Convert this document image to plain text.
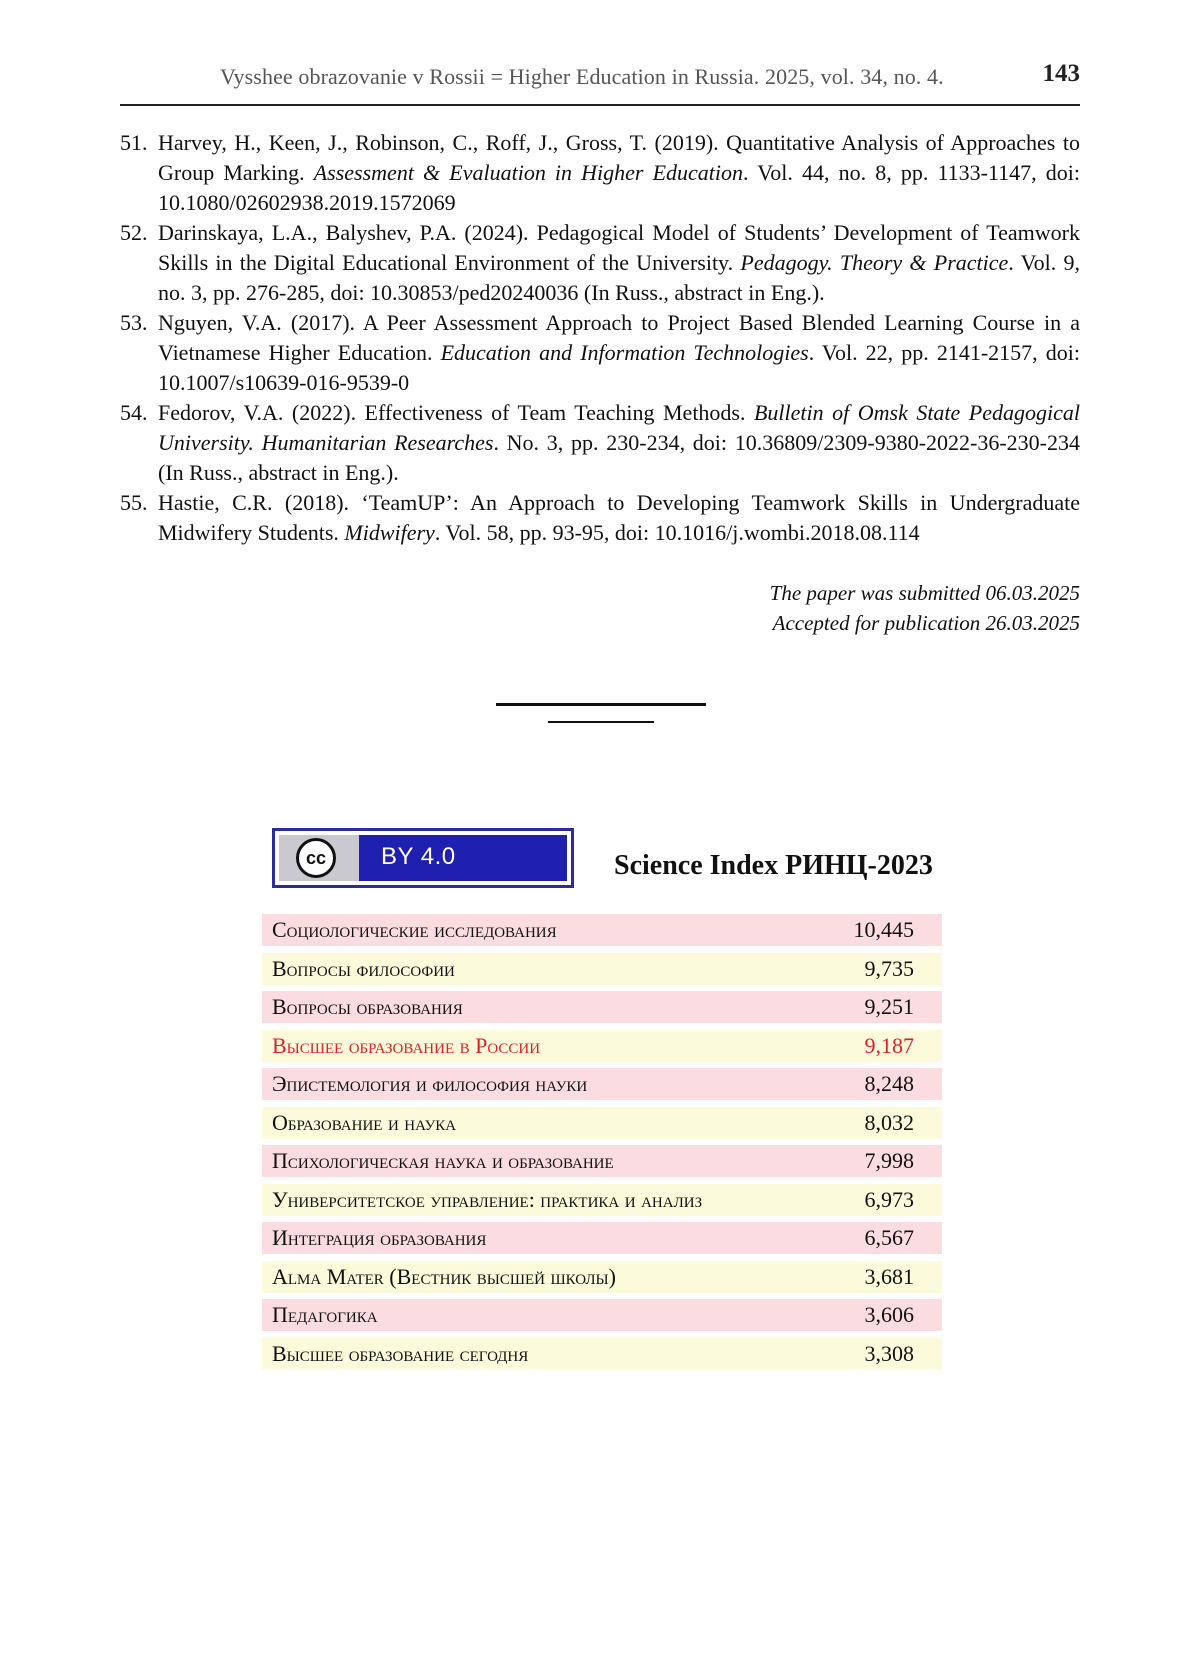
Vysshee obrazovanie v Rossii = Higher Education in Russia. 2025, vol. 34, no. 4.	143
51. Harvey, H., Keen, J., Robinson, C., Roff, J., Gross, T. (2019). Quantitative Analysis of Approaches to Group Marking. Assessment & Evaluation in Higher Education. Vol. 44, no. 8, pp. 1133-1147, doi: 10.1080/02602938.2019.1572069
52. Darinskaya, L.A., Balyshev, P.A. (2024). Pedagogical Model of Students’ Development of Teamwork Skills in the Digital Educational Environment of the University. Pedagogy. Theory & Practice. Vol. 9, no. 3, pp. 276-285, doi: 10.30853/ped20240036 (In Russ., abstract in Eng.).
53. Nguyen, V.A. (2017). A Peer Assessment Approach to Project Based Blended Learning Course in a Vietnamese Higher Education. Education and Information Technologies. Vol. 22, pp. 2141-2157, doi: 10.1007/s10639-016-9539-0
54. Fedorov, V.A. (2022). Effectiveness of Team Teaching Methods. Bulletin of Omsk State Pedagogical University. Humanitarian Researches. No. 3, pp. 230-234, doi: 10.36809/2309-9380-2022-36-230-234 (In Russ., abstract in Eng.).
55. Hastie, C.R. (2018). ‘TeamUP’: An Approach to Developing Teamwork Skills in Undergraduate Midwifery Students. Midwifery. Vol. 58, pp. 93-95, doi: 10.1016/j.wombi.2018.08.114
The paper was submitted 06.03.2025
Accepted for publication 26.03.2025
cc	BY 4.0	Science Index РИНЦ-2023
Социологические исследования	10,445
Вопросы философии	9,735
Вопросы образования	9,251
Высшее образование в России	9,187
Эпистемология и философия науки	8,248
Образование и наука	8,032
Психологическая наука и образование	7,998
Университетское управление: практика и анализ	6,973
Интеграция образования	6,567
Alma Mater (Вестник высшей школы)	3,681
Педагогика	3,606
Высшее образование сегодня	3,308
